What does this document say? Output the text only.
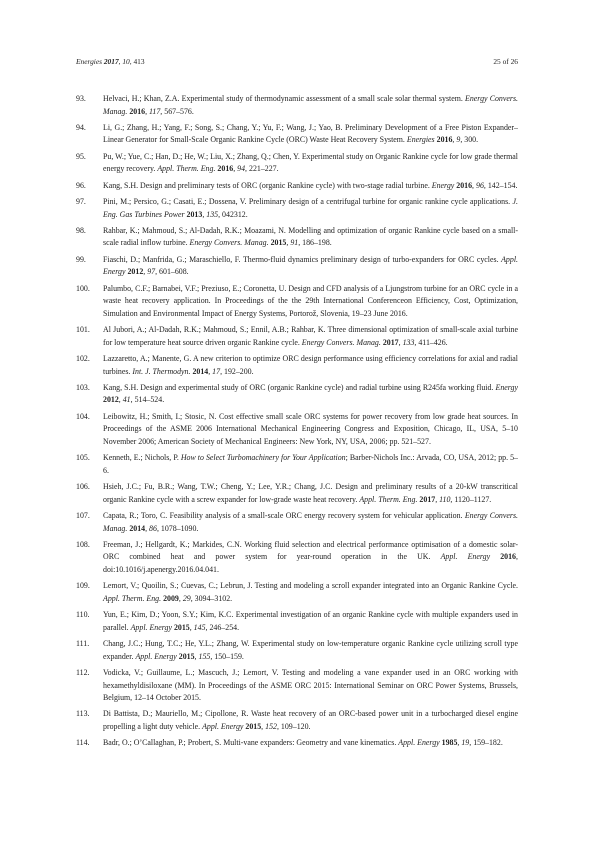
Energies 2017, 10, 413	25 of 26
93. Helvaci, H.; Khan, Z.A. Experimental study of thermodynamic assessment of a small scale solar thermal system. Energy Convers. Manag. 2016, 117, 567–576.
94. Li, G.; Zhang, H.; Yang, F.; Song, S.; Chang, Y.; Yu, F.; Wang, J.; Yao, B. Preliminary Development of a Free Piston Expander–Linear Generator for Small-Scale Organic Rankine Cycle (ORC) Waste Heat Recovery System. Energies 2016, 9, 300.
95. Pu, W.; Yue, C.; Han, D.; He, W.; Liu, X.; Zhang, Q.; Chen, Y. Experimental study on Organic Rankine cycle for low grade thermal energy recovery. Appl. Therm. Eng. 2016, 94, 221–227.
96. Kang, S.H. Design and preliminary tests of ORC (organic Rankine cycle) with two-stage radial turbine. Energy 2016, 96, 142–154.
97. Pini, M.; Persico, G.; Casati, E.; Dossena, V. Preliminary design of a centrifugal turbine for organic rankine cycle applications. J. Eng. Gas Turbines Power 2013, 135, 042312.
98. Rahbar, K.; Mahmoud, S.; Al-Dadah, R.K.; Moazami, N. Modelling and optimization of organic Rankine cycle based on a small-scale radial inflow turbine. Energy Convers. Manag. 2015, 91, 186–198.
99. Fiaschi, D.; Manfrida, G.; Maraschiello, F. Thermo-fluid dynamics preliminary design of turbo-expanders for ORC cycles. Appl. Energy 2012, 97, 601–608.
100. Palumbo, C.F.; Barnabei, V.F.; Preziuso, E.; Coronetta, U. Design and CFD analysis of a Ljungstrom turbine for an ORC cycle in a waste heat recovery application. In Proceedings of the the 29th International Conferenceon Efficiency, Cost, Optimization, Simulation and Environmental Impact of Energy Systems, Portorož, Slovenia, 19–23 June 2016.
101. Al Jubori, A.; Al-Dadah, R.K.; Mahmoud, S.; Ennil, A.B.; Rahbar, K. Three dimensional optimization of small-scale axial turbine for low temperature heat source driven organic Rankine cycle. Energy Convers. Manag. 2017, 133, 411–426.
102. Lazzaretto, A.; Manente, G. A new criterion to optimize ORC design performance using efficiency correlations for axial and radial turbines. Int. J. Thermodyn. 2014, 17, 192–200.
103. Kang, S.H. Design and experimental study of ORC (organic Rankine cycle) and radial turbine using R245fa working fluid. Energy 2012, 41, 514–524.
104. Leibowitz, H.; Smith, I.; Stosic, N. Cost effective small scale ORC systems for power recovery from low grade heat sources. In Proceedings of the ASME 2006 International Mechanical Engineering Congress and Exposition, Chicago, IL, USA, 5–10 November 2006; American Society of Mechanical Engineers: New York, NY, USA, 2006; pp. 521–527.
105. Kenneth, E.; Nichols, P. How to Select Turbomachinery for Your Application; Barber-Nichols Inc.: Arvada, CO, USA, 2012; pp. 5–6.
106. Hsieh, J.C.; Fu, B.R.; Wang, T.W.; Cheng, Y.; Lee, Y.R.; Chang, J.C. Design and preliminary results of a 20-kW transcritical organic Rankine cycle with a screw expander for low-grade waste heat recovery. Appl. Therm. Eng. 2017, 110, 1120–1127.
107. Capata, R.; Toro, C. Feasibility analysis of a small-scale ORC energy recovery system for vehicular application. Energy Convers. Manag. 2014, 86, 1078–1090.
108. Freeman, J.; Hellgardt, K.; Markides, C.N. Working fluid selection and electrical performance optimisation of a domestic solar-ORC combined heat and power system for year-round operation in the UK. Appl. Energy 2016, doi:10.1016/j.apenergy.2016.04.041.
109. Lemort, V.; Quoilin, S.; Cuevas, C.; Lebrun, J. Testing and modeling a scroll expander integrated into an Organic Rankine Cycle. Appl. Therm. Eng. 2009, 29, 3094–3102.
110. Yun, E.; Kim, D.; Yoon, S.Y.; Kim, K.C. Experimental investigation of an organic Rankine cycle with multiple expanders used in parallel. Appl. Energy 2015, 145, 246–254.
111. Chang, J.C.; Hung, T.C.; He, Y.L.; Zhang, W. Experimental study on low-temperature organic Rankine cycle utilizing scroll type expander. Appl. Energy 2015, 155, 150–159.
112. Vodicka, V.; Guillaume, L.; Mascuch, J.; Lemort, V. Testing and modeling a vane expander used in an ORC working with hexamethyldisiloxane (MM). In Proceedings of the ASME ORC 2015: International Seminar on ORC Power Systems, Brussels, Belgium, 12–14 October 2015.
113. Di Battista, D.; Mauriello, M.; Cipollone, R. Waste heat recovery of an ORC-based power unit in a turbocharged diesel engine propelling a light duty vehicle. Appl. Energy 2015, 152, 109–120.
114. Badr, O.; O’Callaghan, P.; Probert, S. Multi-vane expanders: Geometry and vane kinematics. Appl. Energy 1985, 19, 159–182.
